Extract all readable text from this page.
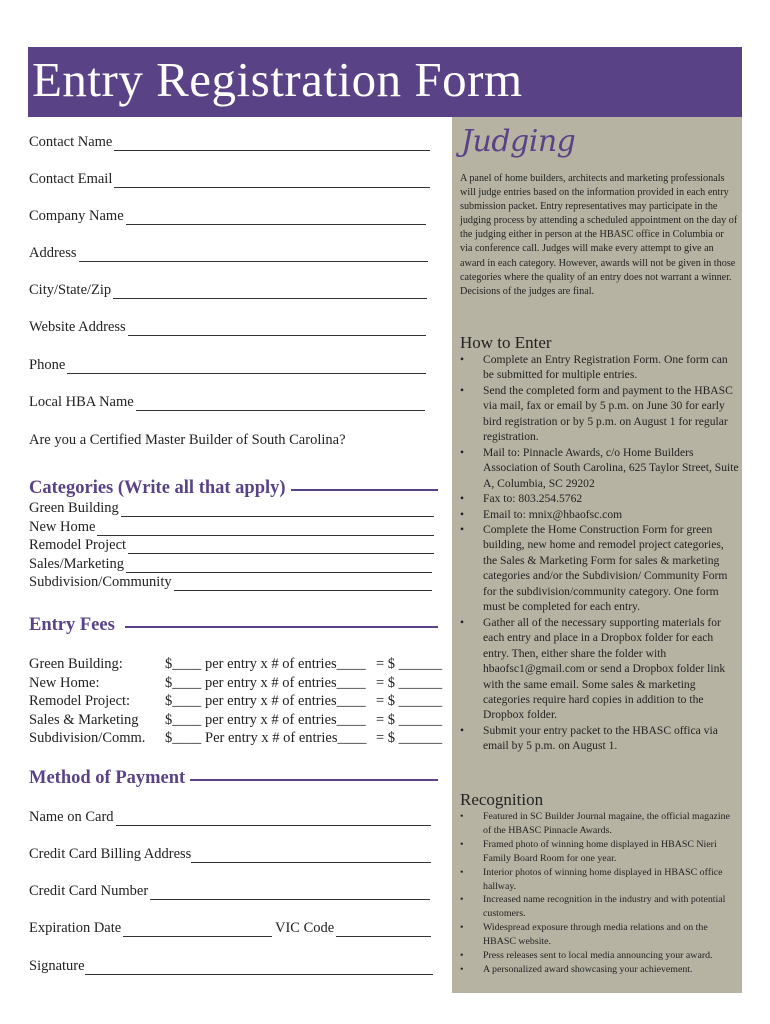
Entry Registration Form
Contact Name
Contact Email
Company Name
Address
City/State/Zip
Website Address
Phone
Local HBA Name
Are you a Certified Master Builder of South Carolina?
Categories (Write all that apply)
Green Building
New Home
Remodel Project
Sales/Marketing
Subdivision/Community
Entry Fees
Green Building:	$____ per entry x # of entries____ = $ ______
New Home:	$____ per entry x # of entries____ = $ ______
Remodel Project: $____ per entry x # of entries____ = $ ______
Sales & Marketing $____ per entry x # of entries____ = $ ______
Subdivision/Comm. $____ Per entry x # of entries____ = $ ______
Method of Payment
Name on Card
Credit Card Billing Address
Credit Card Number
Expiration Date	VIC Code
Signature
Judging
A panel of home builders, architects and marketing professionals will judge entries based on the information provided in each entry submission packet. Entry representatives may participate in the judging process by attending a scheduled appointment on the day of the judging either in person at the HBASC office in Columbia or via conference call. Judges will make every attempt to give an award in each category. However, awards will not be given in those categories where the quality of an entry does not warrant a winner. Decisions of the judges are final.
How to Enter
• Complete an Entry Registration Form. One form can be submitted for multiple entries.
• Send the completed form and payment to the HBASC via mail, fax or email by 5 p.m. on June 30 for early bird registration or by 5 p.m. on August 1 for regular registration.
• Mail to: Pinnacle Awards, c/o Home Builders Association of South Carolina, 625 Taylor Street, Suite A, Columbia, SC 29202
• Fax to: 803.254.5762
• Email to: mnix@hbaofsc.com
• Complete the Home Construction Form for green building, new home and remodel project categories, the Sales & Marketing Form for sales & marketing categories and/or the Subdivision/ Community Form for the subdivision/community category. One form must be completed for each entry.
• Gather all of the necessary supporting materials for each entry and place in a Dropbox folder for each entry. Then, either share the folder with hbaofsc1@gmail.com or send a Dropbox folder link with the same email. Some sales & marketing categories require hard copies in addition to the Dropbox folder.
• Submit your entry packet to the HBASC offica via email by 5 p.m. on August 1.
Recognition
• Featured in SC Builder Journal magaine, the official magazine of the HBASC Pinnacle Awards.
• Framed photo of winning home displayed in HBASC Nieri Family Board Room for one year.
• Interior photos of winning home displayed in HBASC office hallway.
• Increased name recognition in the industry and with potential customers.
• Widespread exposure through media relations and on the HBASC website.
• Press releases sent to local media announcing your award.
• A personalized award showcasing your achievement.
